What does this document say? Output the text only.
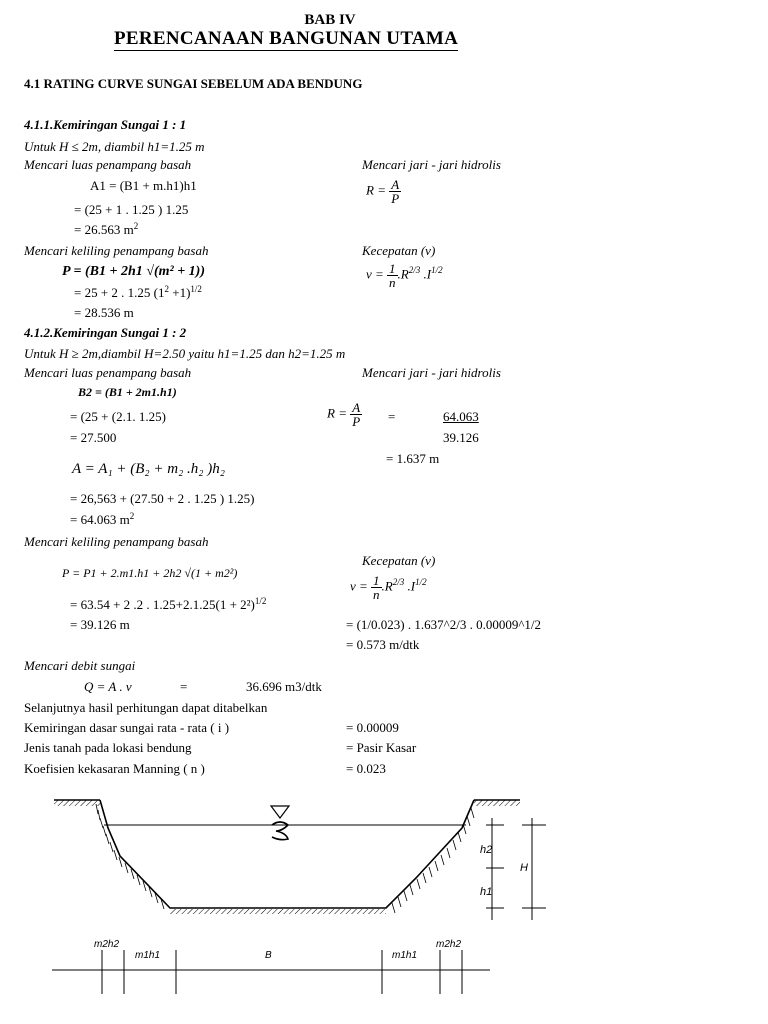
BAB IV
PERENCANAAN BANGUNAN UTAMA
4.1 RATING CURVE SUNGAI SEBELUM ADA BENDUNG
4.1.1.Kemiringan Sungai 1 : 1
Untuk H ≤ 2m, diambil h1=1.25 m
Mencari luas penampang basah
A1 = (B1 + m.h1)h1
= (25 + 1 . 1.25 ) 1.25
= 26.563 $m^2$
Mencari jari - jari hidrolis
$R = \frac{A}{P}$
Mencari keliling penampang basah
P = (B1 + 2h1 √(m² + 1))
= 25 + 2 . 1.25 $(1^2 +1)^{1/2}$
= 28.536 m
Kecepatan (v)
$v = \frac{1}{n} .R^{2/3}$ $.I^{1/2}$
4.1.2.Kemiringan Sungai 1 : 2
Untuk H ≥ 2m,diambil H=2.50 yaitu h1=1.25 dan h2=1.25 m
Mencari luas penampang basah
B2 = (B1 + 2m1.h1)
= (25 + (2.1. 1.25)
= 27.500
A = A₁ + (B₂ + m₂ .h₂ )h₂
= 26,563 + (27.50 + 2 . 1.25 ) 1.25)
= 64.063 $m^2$
Mencari jari - jari hidrolis
$R = \frac{A}{P}$ =	64.063
39.126
= 1.637 m
Mencari keliling penampang basah
P = P1 + 2.m1.h1 + 2h2 √(1 + m2²)
= 63.54 + 2 .2 . $1.25+2.1.25(1 + 2^2)^{1/2}$
= 39.126 m
Kecepatan (v)
$v = \frac{1}{n} .R^{2/3}$ $.I^{1/2}$
= (1/0.023) . 1.637^2/3 . 0.00009^1/2
= 0.573 m/dtk
Mencari debit sungai
Q = A . v	=	36.696 m3/dtk
Selanjutnya hasil perhitungan dapat ditabelkan
Kemiringan dasar sungai rata - rata ( i )	= 0.00009
Jenis tanah pada lokasi bendung	= Pasir Kasar
Koefisien kekasaran Manning ( n )	= 0.023
h2
h1
H
m2h2
m1h1	B	m1h1
m2h2
